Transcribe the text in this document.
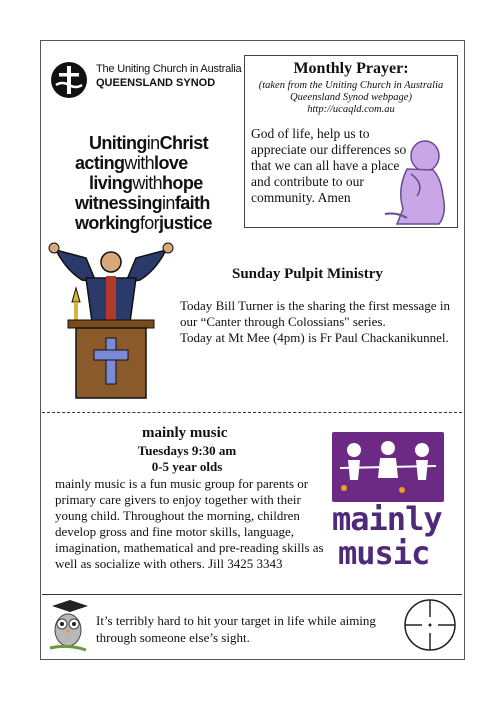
The Uniting Church in Australia
QUEENSLAND SYNOD
UnitinginChrist
actingwithlove
livingwithhope
witnessinginfaith
workingforjustice
Monthly Prayer:
(taken from the Uniting Church in Australia Queensland Synod webpage)
http://ucaqld.com.au
God of life, help us to appreciate our differences so that we can all have a place and contribute to our community. Amen
Sunday Pulpit Ministry

Today Bill Turner is the sharing the first message in our “Canter through Colossians" series.

Today at Mt Mee (4pm) is Fr Paul Chackanikunnel.

mainly music
Tuesdays 9:30 am
0-5 year olds
mainly music is a fun music group for parents or primary care givers to enjoy together with their young child. Throughout the morning, children develop gross and fine motor skills, language, imagination, mathematical and pre-reading skills as well as socialize with others. Jill 3425 3343
mainly
music
It’s terribly hard to hit your target in life while aiming through someone else’s sight.
